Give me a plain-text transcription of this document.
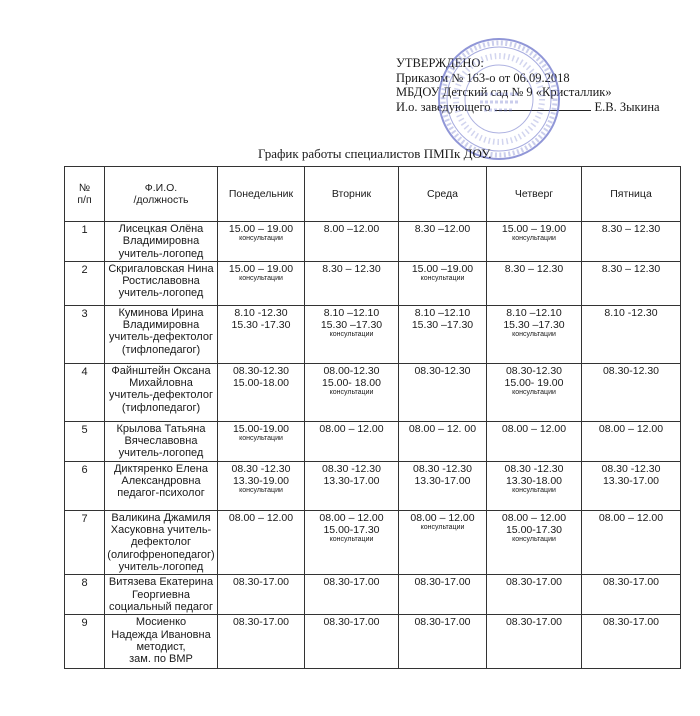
УТВЕРЖДЕНО:
Приказом № 163-о от 06.09.2018
МБДОУ Детский сад № 9 «Кристаллик»
И.о. заведующего	Е.В. Зыкина
График работы специалистов ПМПк ДОУ.
№
п/п	Ф.И.О.
/должность	Понедельник	Вторник	Среда	Четверг	Пятница
1	Лисецкая Олёна
Владимировна
учитель-логопед	15.00 – 19.00
консультации	8.00 –12.00	8.30 –12.00	15.00 – 19.00
консультации	8.30 – 12.30

2	Скригаловская Нина
Ростиславовна
учитель-логопед	15.00 – 19.00
консультации	8.30 – 12.30	15.00 –19.00
консультации	8.30 – 12.30	8.30 – 12.30

3	Куминова Ирина
Владимировна
учитель-дефектолог
(тифлопедагог)	8.10 -12.30
15.30 -17.30	8.10 –12.10
15.30 –17.30
консультации	8.10 –12.10
15.30 –17.30	8.10 –12.10
15.30 –17.30
консультации	8.10 -12.30

4	Файнштейн Оксана
Михайловна
учитель-дефектолог
(тифлопедагог)	08.30-12.30
15.00-18.00	08.00-12.30
15.00- 18.00
консультации	08.30-12.30	08.30-12.30
15.00- 19.00
консультации	08.30-12.30

5	Крылова Татьяна
Вячеславовна
учитель-логопед	15.00-19.00
консультации	08.00 – 12.00	08.00 – 12. 00	08.00 – 12.00	08.00 – 12.00

6	Диктяренко Елена
Александровна
педагог-психолог	08.30 -12.30
13.30-19.00
консультации	08.30 -12.30
13.30-17.00	08.30 -12.30
13.30-17.00	08.30 -12.30
13.30-18.00
консультации	08.30 -12.30
13.30-17.00

7	Валикина Джамиля
Хасуковна учитель-
дефектолог
(олигофренопедагог)
учитель-логопед	08.00 – 12.00	08.00 – 12.00
15.00-17.30
консультации	08.00 – 12.00
консультации	08.00 – 12.00
15.00-17.30
консультации	08.00 – 12.00

8	Витязева Екатерина
Георгиевна
социальный педагог	08.30-17.00	08.30-17.00	08.30-17.00	08.30-17.00	08.30-17.00

9	Мосиенко
Надежда Ивановна
методист,
зам. по ВМР	08.30-17.00	08.30-17.00	08.30-17.00	08.30-17.00	08.30-17.00
